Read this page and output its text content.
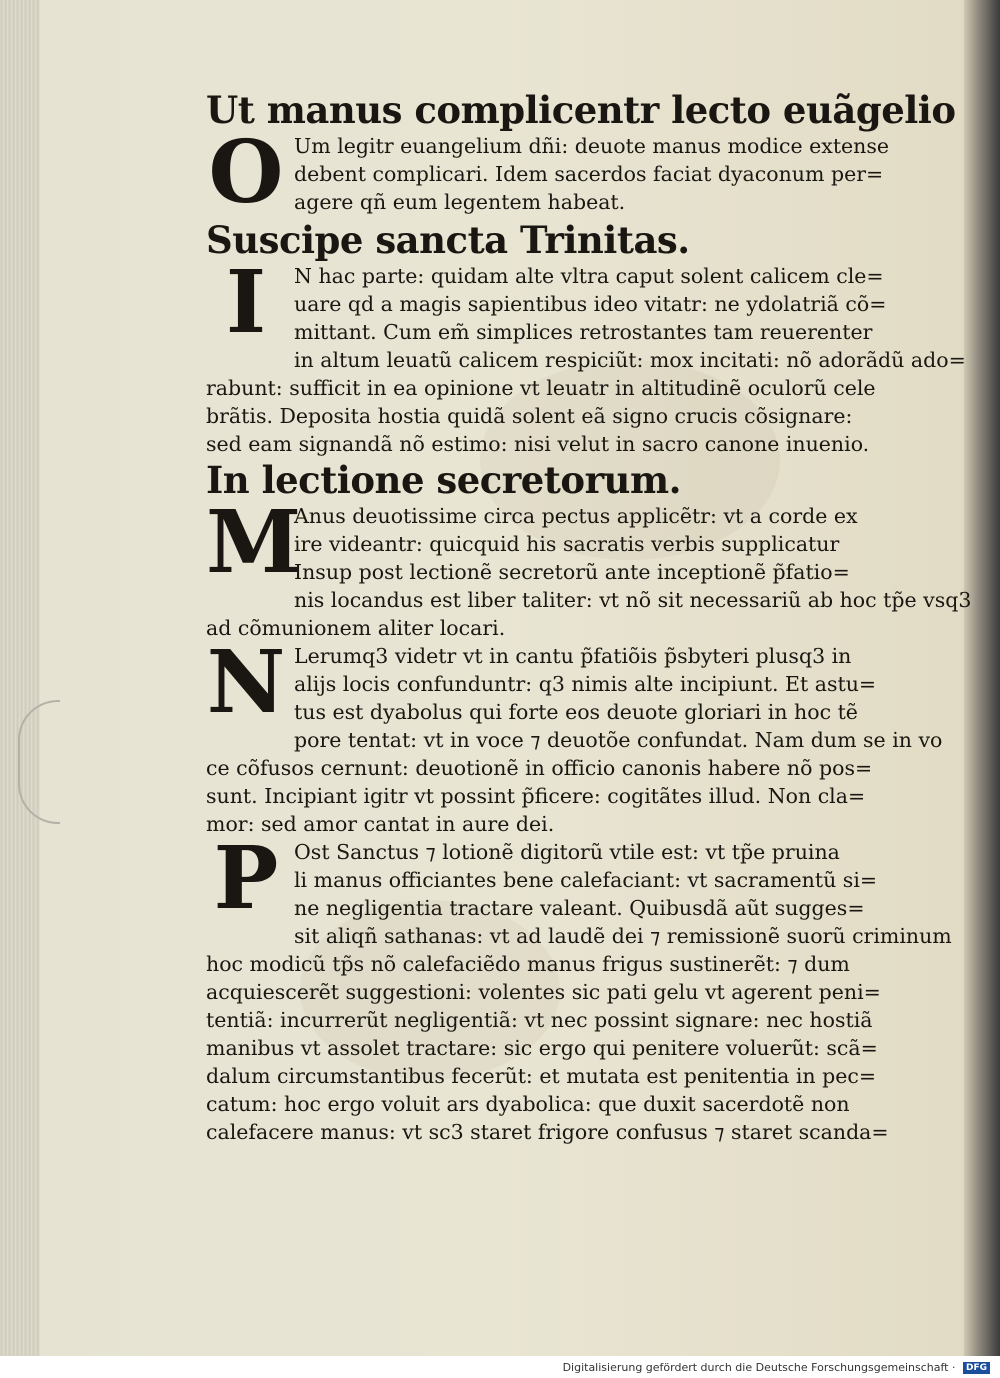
Ut manus complicentr lecto euãgelio
O Um legitr euangelium dñi: deuote manus modice extense
debent complicari. Idem sacerdos faciat dyaconum per=
agere qñ eum legentem habeat.
Suscipe sancta Trinitas.
I	N hac parte: quidam alte vltra caput solent calicem cle=
uare qd a magis sapientibus ideo vitatr: ne ydolatriã cõ=
mittant. Cum em̃ simplices retrostantes tam reuerenter
in altum leuatũ calicem respiciũt: mox incitati: nõ adorãdũ ado=
rabunt: sufficit in ea opinione vt leuatr in altitudinẽ oculorũ cele
brãtis. Deposita hostia quidã solent eã signo crucis cõsignare:
sed eam signandã nõ estimo: nisi velut in sacro canone inuenio.
In lectione secretorum.
M
Anus deuotissime circa pectus applicẽtr: vt a corde ex
ire videantr: quicquid his sacratis verbis supplicatur
Insup post lectionẽ secretorũ ante inceptionẽ p̃fatio=
nis locandus est liber taliter: vt nõ sit necessariũ ab hoc tp̃e vsq3
ad cõmunionem aliter locari.
N Lerumq3 videtr vt in cantu p̃fatiõis p̃sbyteri plusq3 in
alijs locis confunduntr: q3 nimis alte incipiunt. Et astu=
tus est dyabolus qui forte eos deuote gloriari in hoc tẽ
pore tentat: vt in voce ⁊ deuotõe confundat. Nam dum se in vo
ce cõfusos cernunt: deuotionẽ in officio canonis habere nõ pos=
sunt. Incipiant igitr vt possint p̃ficere: cogitãtes illud. Non cla=
mor: sed amor cantat in aure dei.
P Ost Sanctus ⁊ lotionẽ digitorũ vtile est: vt tp̃e pruina
li manus officiantes bene calefaciant: vt sacramentũ si=
ne negligentia tractare valeant. Quibusdã aũt sugges=
sit aliqñ sathanas: vt ad laudẽ dei ⁊ remissionẽ suorũ criminum
hoc modicũ tp̃s nõ calefaciẽdo manus frigus sustinerẽt: ⁊ dum
acquiescerẽt suggestioni: volentes sic pati gelu vt agerent peni=
tentiã: incurrerũt negligentiã: vt nec possint signare: nec hostiã
manibus vt assolet tractare: sic ergo qui penitere voluerũt: scã=
dalum circumstantibus fecerũt: et mutata est penitentia in pec=
catum: hoc ergo voluit ars dyabolica: que duxit sacerdotẽ non
calefacere manus: vt sc3 staret frigore confusus ⁊ staret scanda=
Digitalisierung gefördert durch die Deutsche Forschungsgemeinschaft · DFG
